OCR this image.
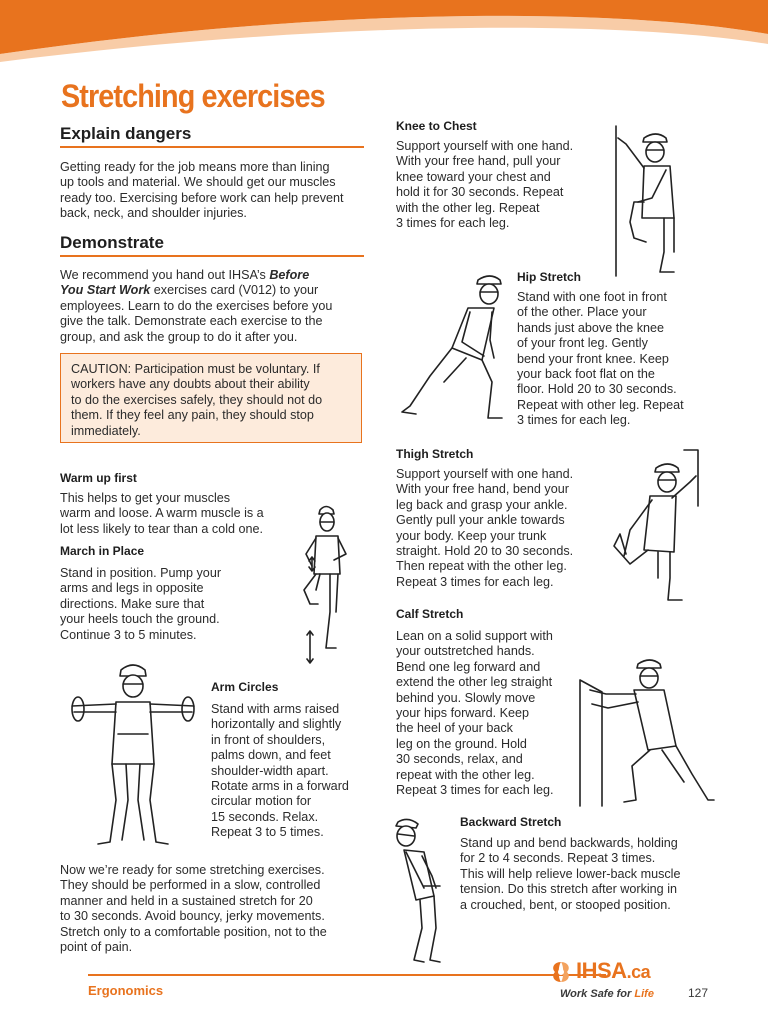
Stretching exercises
Explain dangers
Getting ready for the job means more than lining
up tools and material. We should get our muscles
ready too. Exercising before work can help prevent
back, neck, and shoulder injuries.
Demonstrate
We recommend you hand out IHSA’s Before
You Start Work exercises card (V012) to your
employees. Learn to do the exercises before you
give the talk. Demonstrate each exercise to the
group, and ask the group to do it after you.
CAUTION: Participation must be voluntary. If
workers have any doubts about their ability
to do the exercises safely, they should not do
them. If they feel any pain, they should stop
immediately.
Warm up first
This helps to get your muscles
warm and loose. A warm muscle is a
lot less likely to tear than a cold one.
March in Place
Stand in position. Pump your
arms and legs in opposite
directions. Make sure that
your heels touch the ground.
Continue 3 to 5 minutes.
Arm Circles
Stand with arms raised
horizontally and slightly
in front of shoulders,
palms down, and feet
shoulder-width apart.
Rotate arms in a forward
circular motion for
15 seconds. Relax.
Repeat 3 to 5 times.
Now we’re ready for some stretching exercises.
They should be performed in a slow, controlled
manner and held in a sustained stretch for 20
to 30 seconds. Avoid bouncy, jerky movements.
Stretch only to a comfortable position, not to the
point of pain.
Knee to Chest
Support yourself with one hand.
With your free hand, pull your
knee toward your chest and
hold it for 30 seconds. Repeat
with the other leg. Repeat
3 times for each leg.
Hip Stretch
Stand with one foot in front
of the other. Place your
hands just above the knee
of your front leg. Gently
bend your front knee. Keep
your back foot flat on the
floor. Hold 20 to 30 seconds.
Repeat with other leg. Repeat
3 times for each leg.
Thigh Stretch
Support yourself with one hand.
With your free hand, bend your
leg back and grasp your ankle.
Gently pull your ankle towards
your body. Keep your trunk
straight. Hold 20 to 30 seconds.
Then repeat with the other leg.
Repeat 3 times for each leg.
Calf Stretch
Lean on a solid support with
your outstretched hands.
Bend one leg forward and
extend the other leg straight
behind you. Slowly move
your hips forward. Keep
the heel of your back
leg on the ground. Hold
30 seconds, relax, and
repeat with the other leg.
Repeat 3 times for each leg.
Backward Stretch
Stand up and bend backwards, holding
for 2 to 4 seconds. Repeat 3 times.
This will help relieve lower-back muscle
tension. Do this stretch after working in
a crouched, bent, or stooped position.
Ergonomics
IHSA.ca
Work Safe for Life	127
